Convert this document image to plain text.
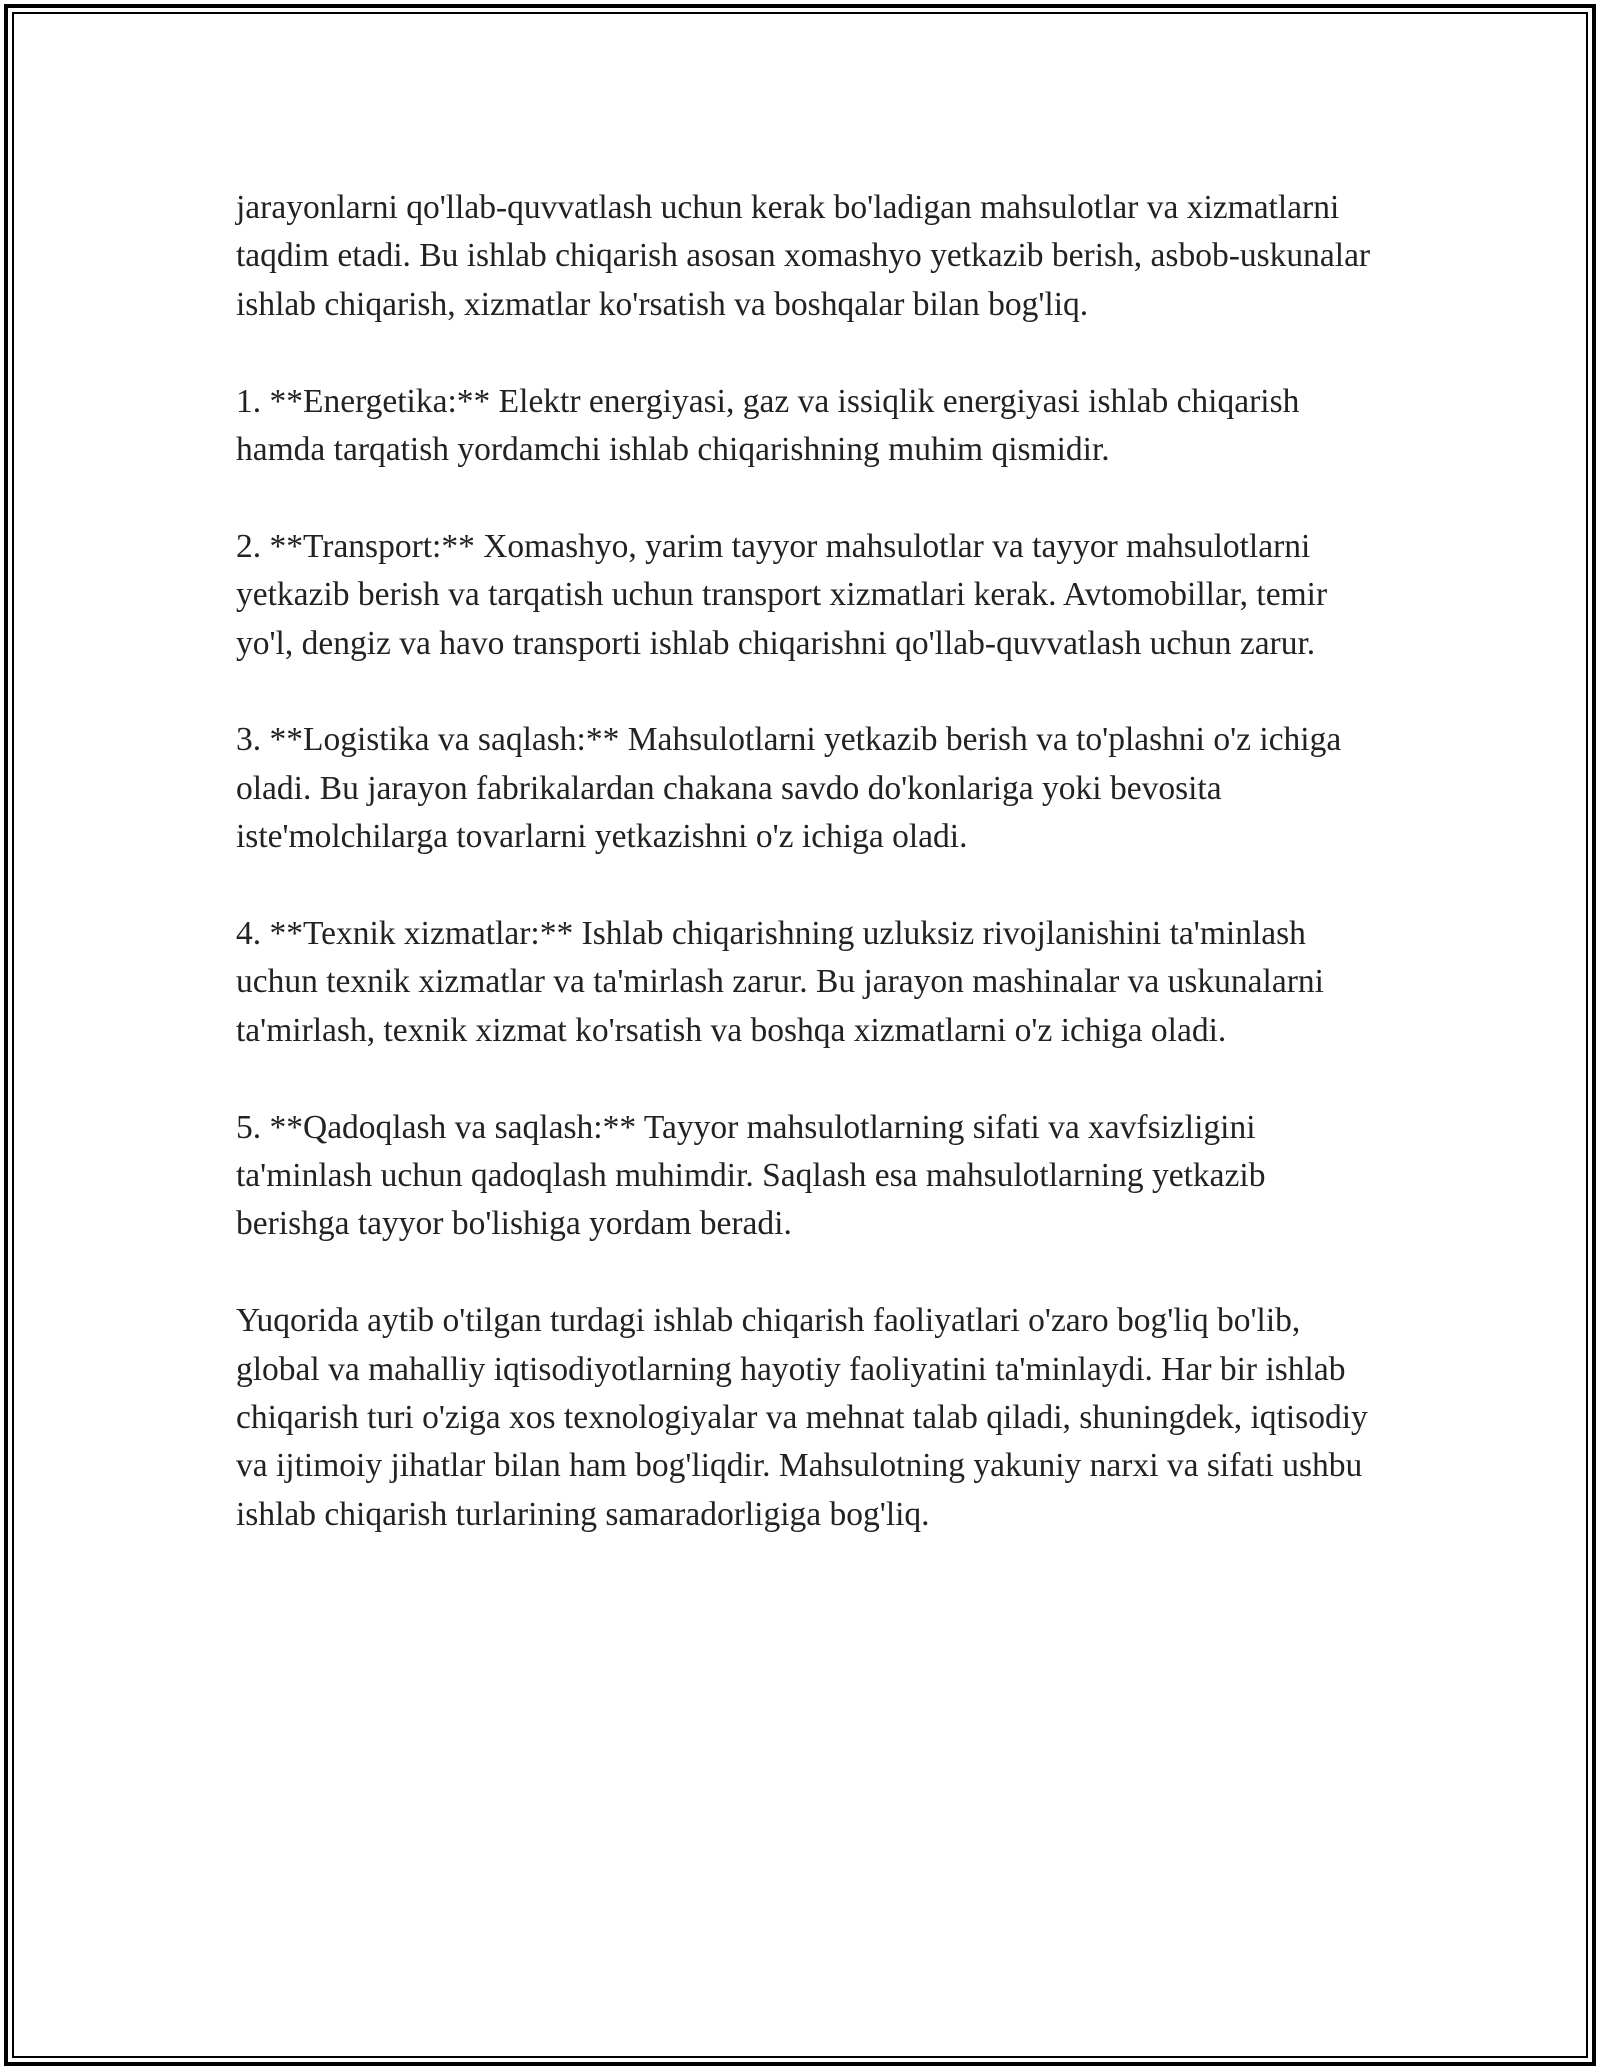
jarayonlarni qo'llab-quvvatlash uchun kerak bo'ladigan mahsulotlar va xizmatlarni taqdim etadi. Bu ishlab chiqarish asosan xomashyo yetkazib berish, asbob-uskunalar ishlab chiqarish, xizmatlar ko'rsatish va boshqalar bilan bog'liq.

1. **Energetika:** Elektr energiyasi, gaz va issiqlik energiyasi ishlab chiqarish hamda tarqatish yordamchi ishlab chiqarishning muhim qismidir.

2. **Transport:** Xomashyo, yarim tayyor mahsulotlar va tayyor mahsulotlarni yetkazib berish va tarqatish uchun transport xizmatlari kerak. Avtomobillar, temir yo'l, dengiz va havo transporti ishlab chiqarishni qo'llab-quvvatlash uchun zarur.

3. **Logistika va saqlash:** Mahsulotlarni yetkazib berish va to'plashni o'z ichiga oladi. Bu jarayon fabrikalardan chakana savdo do'konlariga yoki bevosita iste'molchilarga tovarlarni yetkazishni o'z ichiga oladi.

4. **Texnik xizmatlar:** Ishlab chiqarishning uzluksiz rivojlanishini ta'minlash uchun texnik xizmatlar va ta'mirlash zarur. Bu jarayon mashinalar va uskunalarni ta'mirlash, texnik xizmat ko'rsatish va boshqa xizmatlarni o'z ichiga oladi.

5. **Qadoqlash va saqlash:** Tayyor mahsulotlarning sifati va xavfsizligini ta'minlash uchun qadoqlash muhimdir. Saqlash esa mahsulotlarning yetkazib berishga tayyor bo'lishiga yordam beradi.

Yuqorida aytib o'tilgan turdagi ishlab chiqarish faoliyatlari o'zaro bog'liq bo'lib, global va mahalliy iqtisodiyotlarning hayotiy faoliyatini ta'minlaydi. Har bir ishlab chiqarish turi o'ziga xos texnologiyalar va mehnat talab qiladi, shuningdek, iqtisodiy va ijtimoiy jihatlar bilan ham bog'liqdir. Mahsulotning yakuniy narxi va sifati ushbu ishlab chiqarish turlarining samaradorligiga bog'liq.
